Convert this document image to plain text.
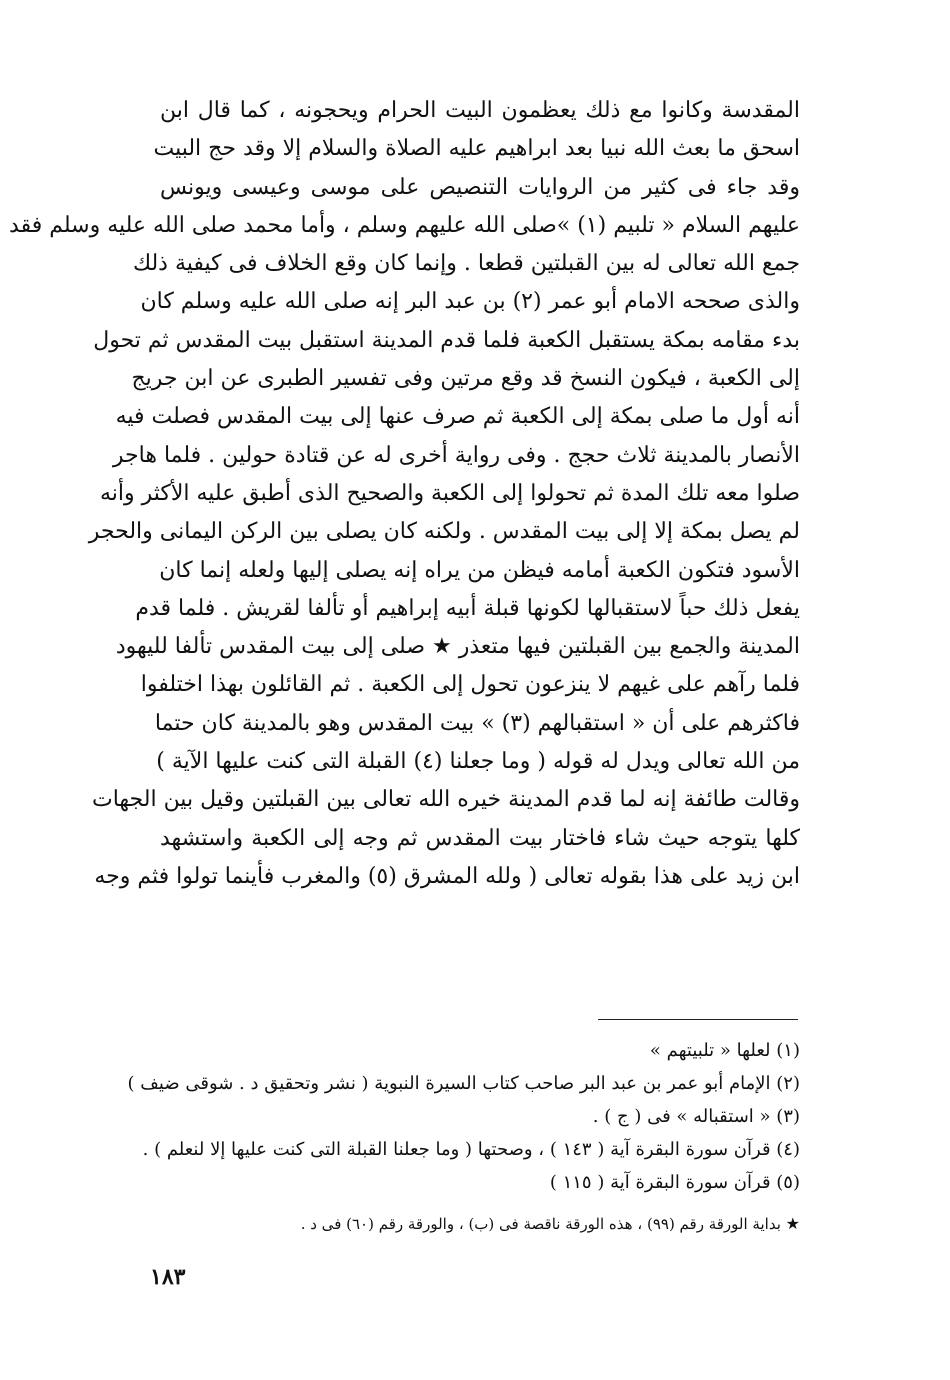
المقدسة وكانوا مع ذلك يعظمون البيت الحرام ويحجونه ، كما قال ابن
اسحق ما بعث الله نبيا بعد ابراهيم عليه الصلاة والسلام إلا وقد حج البيت
وقد جاء فى كثير من الروايات التنصيص على موسى وعيسى ويونس
عليهم السلام « تلبيم (١) »صلى الله عليهم وسلم ، وأما محمد صلى الله عليه وسلم فقد
جمع الله تعالى له بين القبلتين قطعا . وإنما كان وقع الخلاف فى كيفية ذلك
والذى صححه الامام أبو عمر (٢) بن عبد البر إنه صلى الله عليه وسلم كان
بدء مقامه بمكة يستقبل الكعبة فلما قدم المدينة استقبل بيت المقدس ثم تحول
إلى الكعبة ، فيكون النسخ قد وقع مرتين وفى تفسير الطبرى عن ابن جريج
أنه أول ما صلى بمكة إلى الكعبة ثم صرف عنها إلى بيت المقدس فصلت فيه
الأنصار بالمدينة ثلاث حجج . وفى رواية أخرى له عن قتادة حولين . فلما هاجر
صلوا معه تلك المدة ثم تحولوا إلى الكعبة والصحيح الذى أطبق عليه الأكثر وأنه
لم يصل بمكة إلا إلى بيت المقدس . ولكنه كان يصلى بين الركن اليمانى والحجر
الأسود فتكون الكعبة أمامه فيظن من يراه إنه يصلى إليها ولعله إنما كان
يفعل ذلك حباً لاستقبالها لكونها قبلة أبيه إبراهيم أو تألفا لقريش . فلما قدم
المدينة والجمع بين القبلتين فيها متعذر ★ صلى إلى بيت المقدس تألفا لليهود
فلما رآهم على غيهم لا ينزعون تحول إلى الكعبة . ثم القائلون بهذا اختلفوا
فاكثرهم على أن « استقبالهم (٣) » بيت المقدس وهو بالمدينة كان حتما
من الله تعالى ويدل له قوله ( وما جعلنا (٤) القبلة التى كنت عليها الآية )
وقالت طائفة إنه لما قدم المدينة خيره الله تعالى بين القبلتين وقيل بين الجهات
كلها يتوجه حيث شاء فاختار بيت المقدس ثم وجه إلى الكعبة واستشهد
ابن زيد على هذا بقوله تعالى ( ولله المشرق (٥) والمغرب فأينما تولوا فثم وجه
(١) لعلها « تلبيتهم »
(٢) الإمام أبو عمر بن عبد البر صاحب كتاب السيرة النبوية ( نشر وتحقيق د . شوقى ضيف )
(٣) « استقباله » فى ( ج ) .
(٤) قرآن سورة البقرة آية ( ١٤٣ ) ، وصحتها ( وما جعلنا القبلة التى كنت عليها إلا لنعلم ) .
(٥) قرآن سورة البقرة آية ( ١١٥ )
★ بداية الورقة رقم (٩٩) ، هذه الورقة ناقصة فى (ب) ، والورقة رقم (٦٠) فى د .
١٨٣
